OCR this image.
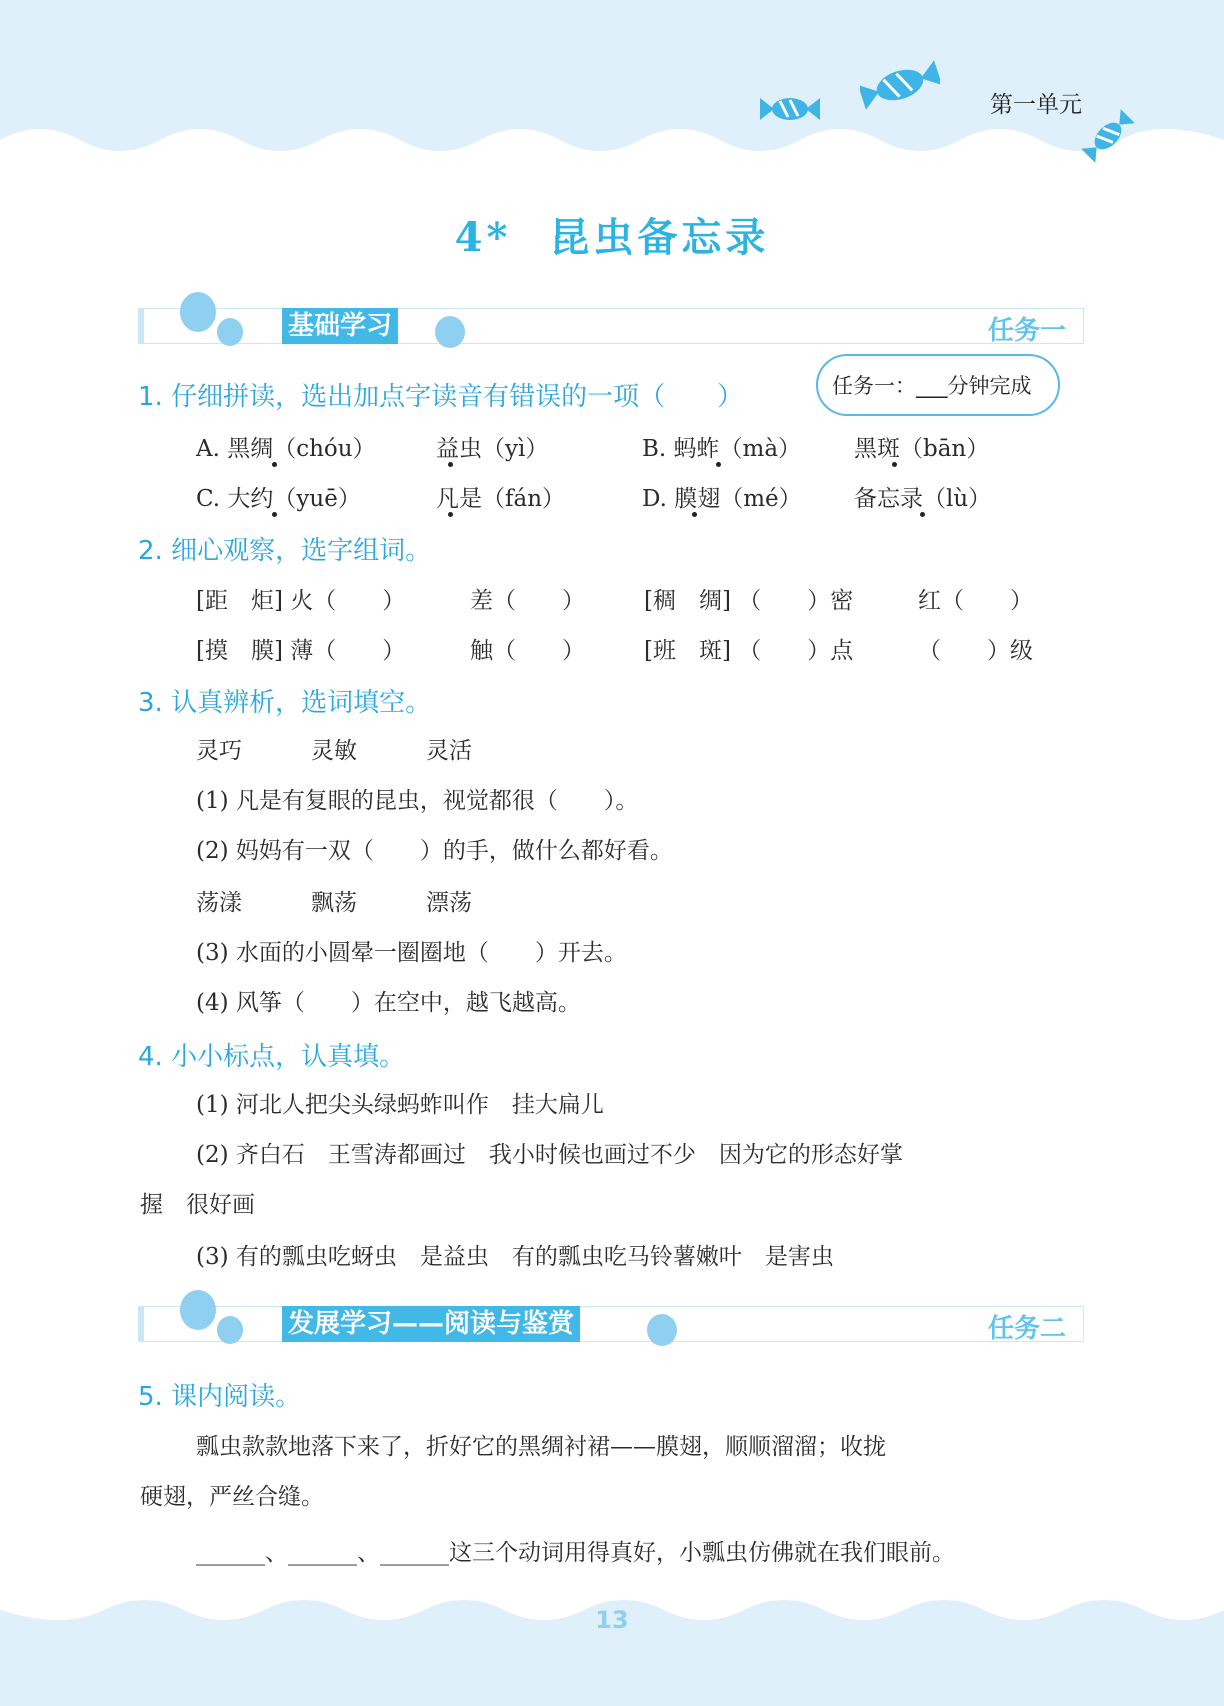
第一单元
4* 昆虫备忘录
基础学习	任务一
1. 仔细拼读，选出加点字读音有错误的一项（　　）	任务一：___分钟完成
A. 黑绸（chóu）	益虫（yì）	B. 蚂蚱（mà） 黑斑（bān）
C. 大约（yuē）	凡是（fán）	D. 膜翅（mé） 备忘录（lù）
2. 细心观察，选字组词。
[距　炬] 火（　　）	差（　　）	[稠　绸] （　　）密	红（　　）
[摸　膜] 薄（　　）	触（　　）	[班　斑] （　　）点	（　　）级
3. 认真辨析，选词填空。
灵巧　　　灵敏　　　灵活
(1) 凡是有复眼的昆虫，视觉都很（　　）。
(2) 妈妈有一双（　　）的手，做什么都好看。
荡漾　　　飘荡　　　漂荡
(3) 水面的小圆晕一圈圈地（　　）开去。
(4) 风筝（　　）在空中，越飞越高。
4. 小小标点，认真填。
(1) 河北人把尖头绿蚂蚱叫作　挂大扁儿
(2) 齐白石　王雪涛都画过　我小时候也画过不少　因为它的形态好掌
握　很好画
(3) 有的瓢虫吃蚜虫　是益虫　有的瓢虫吃马铃薯嫩叶　是害虫
发展学习——阅读与鉴赏	任务二
5. 课内阅读。
瓢虫款款地落下来了，折好它的黑绸衬裙——膜翅，顺顺溜溜；收拢
硬翅，严丝合缝。
______、______、______这三个动词用得真好，小瓢虫仿佛就在我们眼前。
13
